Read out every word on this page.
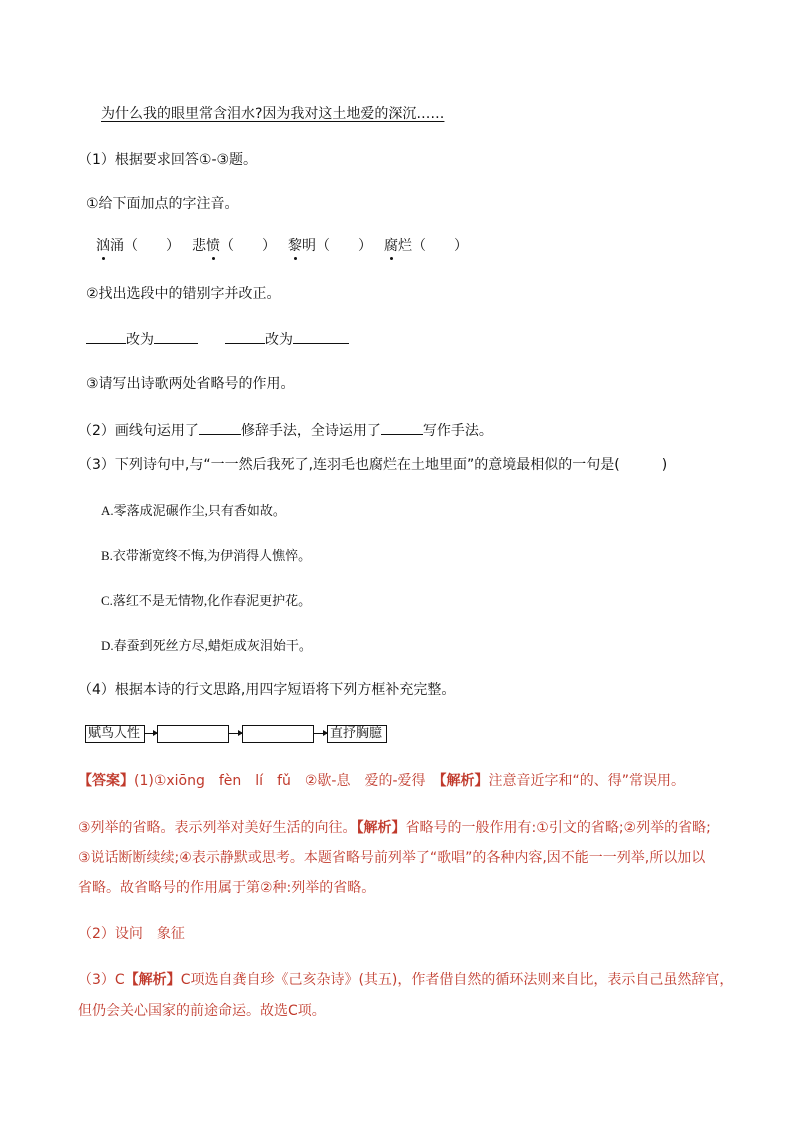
为什么我的眼里常含泪水?因为我对这土地爱的深沉……
（1）根据要求回答①-③题。
①给下面加点的字注音。
汹涌（　　） 悲愤（　　） 黎明（　　） 腐烂（　　）
②找出选段中的错别字并改正。
改为	改为
③请写出诗歌两处省略号的作用。
（2）画线句运用了	修辞手法，全诗运用了	写作手法。
（3）下列诗句中,与“一一然后我死了,连羽毛也腐烂在土地里面”的意境最相似的一句是(　　　)
A.零落成泥碾作尘,只有香如故。
B.衣带渐宽终不悔,为伊消得人憔悴。
C.落红不是无情物,化作春泥更护花。
D.春蚕到死丝方尽,蜡炬成灰泪始干。
（4）根据本诗的行文思路,用四字短语将下列方框补充完整。
赋鸟人性	直抒胸臆
【答案】(1)①xiōng　fèn　lí　fǔ　②歇-息　爱的-爱得　【解析】注意音近字和“的、得”常误用。
③列举的省略。表示列举对美好生活的向往。【解析】省略号的一般作用有:①引文的省略;②列举的省略;
③说话断断续续;④表示静默或思考。本题省略号前列举了“歌唱”的各种内容,因不能一一列举,所以加以
省略。故省略号的作用属于第②种:列举的省略。
（2）设问　象征
（3）C【解析】C项选自龚自珍《己亥杂诗》(其五)，作者借自然的循环法则来自比，表示自己虽然辞官，
但仍会关心国家的前途命运。故选C项。
